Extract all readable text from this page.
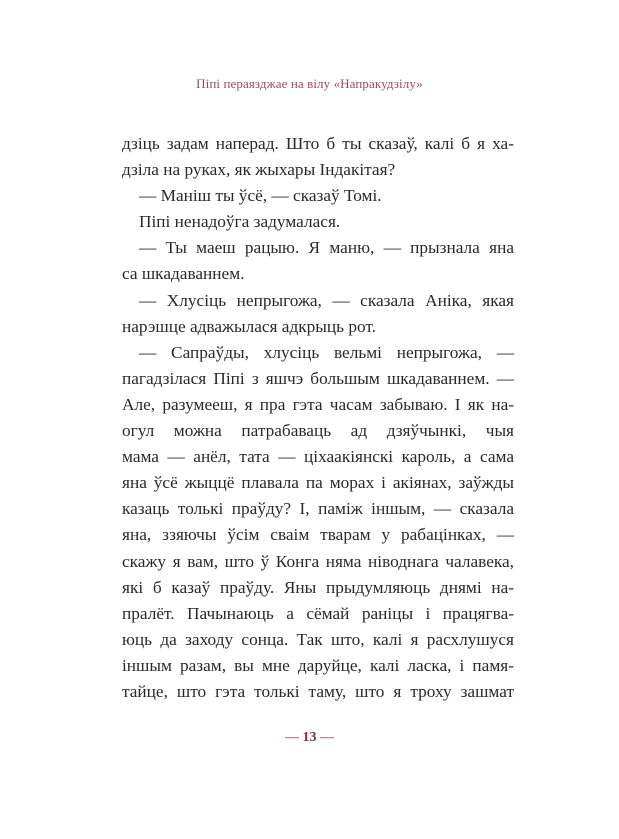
Піпі пераязджае на вілу «Напракудзілу»
дзіць задам наперад. Што б ты сказаў, калі б я ха-
дзіла на руках, як жыхары Індакітая?
— Маніш ты ўсё, — сказаў Томі.
Піпі ненадоўга задумалася.
— Ты маеш рацыю. Я маню, — прызнала яна
са шкадаваннем.
— Хлусіць непрыгожа, — сказала Аніка, якая
нарэшце адважылася адкрыць рот.
— Сапраўды, хлусіць вельмі непрыгожа, —
пагадзілася Піпі з яшчэ большым шкадаваннем. —
Але, разумееш, я пра гэта часам забываю. І як на-
огул можна патрабаваць ад дзяўчынкі, чыя
мама — анёл, тата — ціхаакіянскі кароль, а сама
яна ўсё жыццё плавала па морах і акіянах, заўжды
казаць толькі праўду? І, паміж іншым, — сказала
яна, ззяючы ўсім сваім тварам у рабацінках, —
скажу я вам, што ў Конга няма ніводнага чалавека,
які б казаў праўду. Яны прыдумляюць днямі на-
пралёт. Пачынаюць а сёмай раніцы і працягва-
юць да заходу сонца. Так што, калі я расхлушуся
іншым разам, вы мне даруйце, калі ласка, і памя-
тайце, што гэта толькі таму, што я троху зашмат
— 13 —
